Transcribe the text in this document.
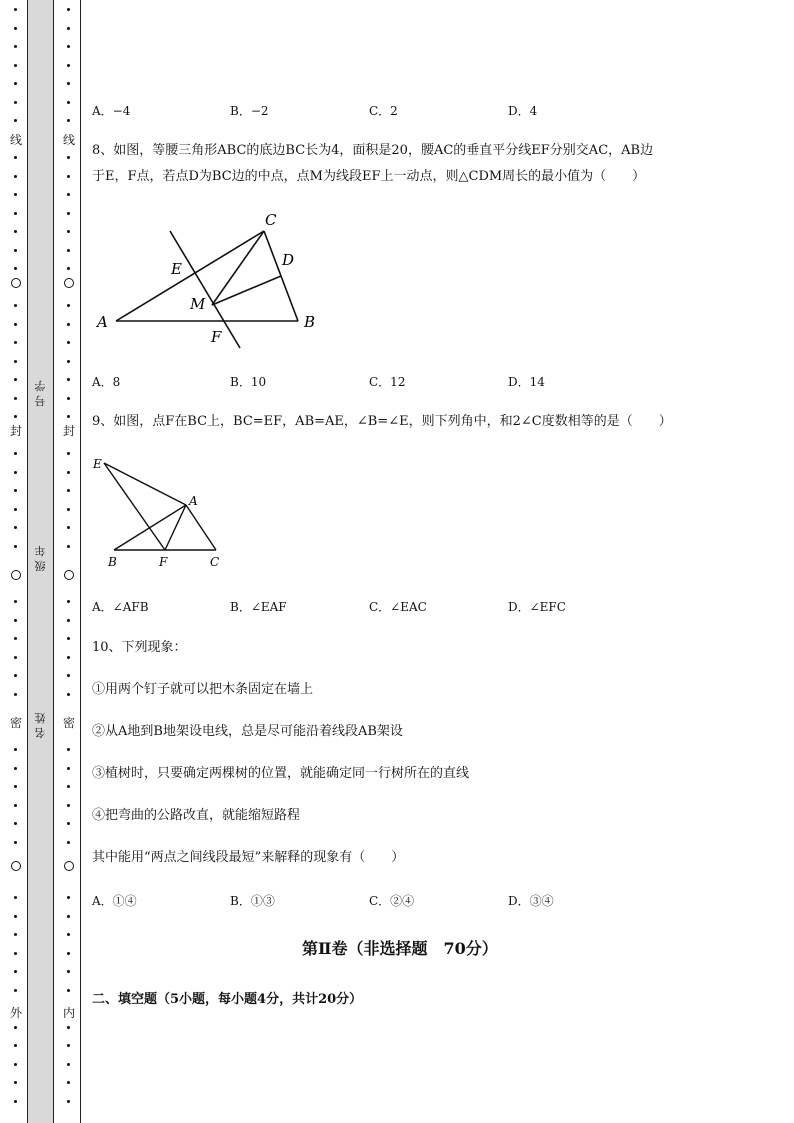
线
封
密
外
线
封
密
内
号学
级年
名姓
A．−4	B．−2	C．2	D．4
8、如图，等腰三角形ABC的底边BC长为4，面积是20，腰AC的垂直平分线EF分别交AC，AB边
于E，F点，若点D为BC边的中点，点M为线段EF上一动点，则△CDM周长的最小值为（　　）
A	B
C
D
E
F
M
A．8	B．10	C．12	D．14
9、如图，点F在BC上，BC=EF，AB=AE，∠B=∠E，则下列角中，和2∠C度数相等的是（　　）
E
A
B	F	C
A．∠AFB	B．∠EAF	C．∠EAC	D．∠EFC
10、下列现象：
①用两个钉子就可以把木条固定在墙上
②从A地到B地架设电线，总是尽可能沿着线段AB架设
③植树时，只要确定两棵树的位置，就能确定同一行树所在的直线
④把弯曲的公路改直，就能缩短路程
其中能用“两点之间线段最短”来解释的现象有（　　）
A．①④	B．①③	C．②④	D．③④
第Ⅱ卷（非选择题　70分）
二、填空题（5小题，每小题4分，共计20分）
